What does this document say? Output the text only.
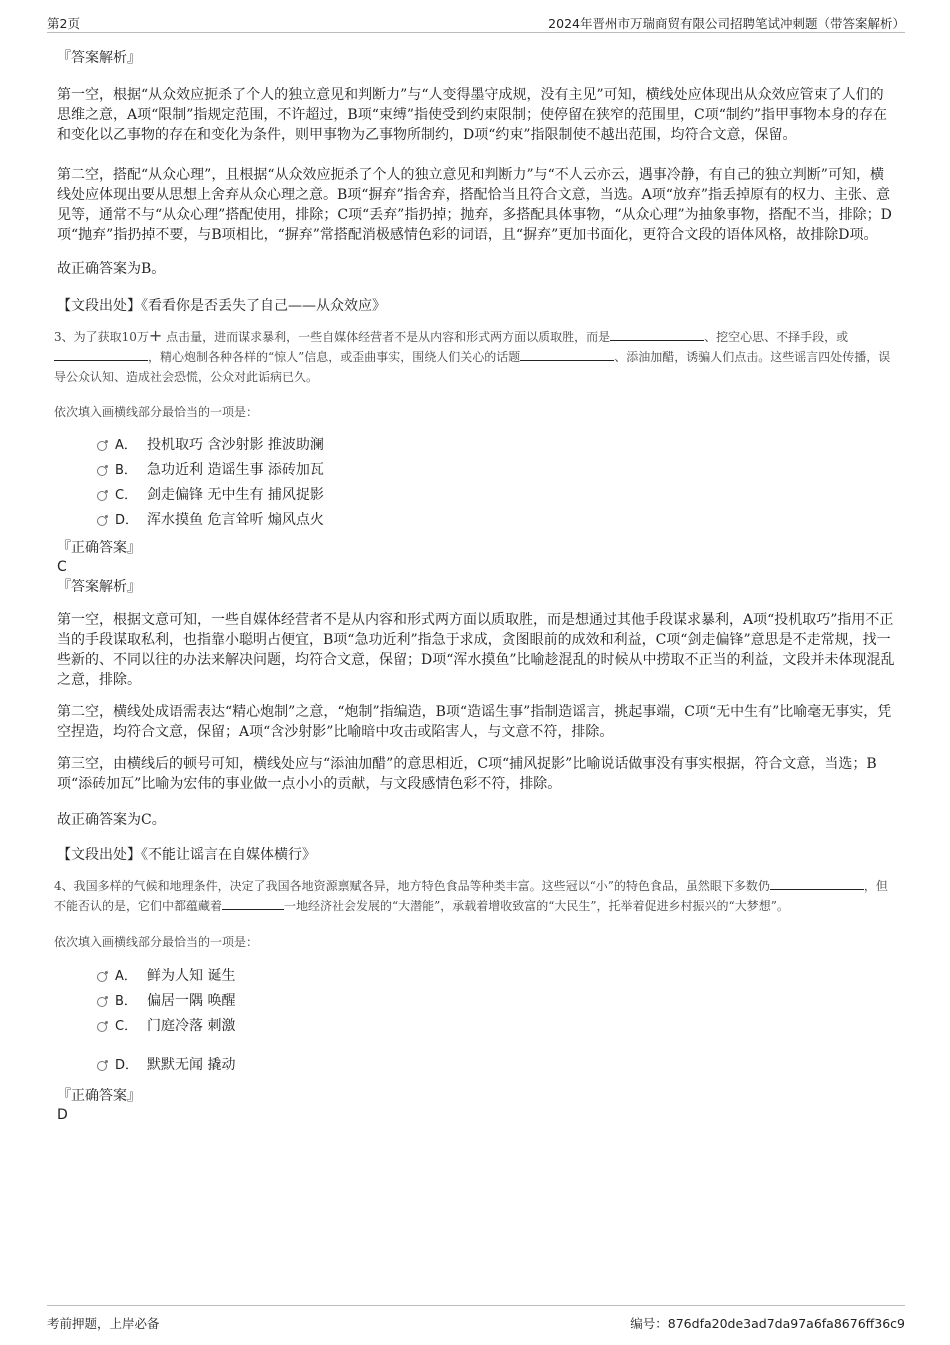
第2页	2024年晋州市万瑞商贸有限公司招聘笔试冲刺题（带答案解析）
『答案解析』

第一空，根据“从众效应扼杀了个人的独立意见和判断力”与“人变得墨守成规，没有主见”可知，横线处应体现出从众效应管束了人们的思维之意，A项“限制”指规定范围，不许超过，B项“束缚”指使受到约束限制；使停留在狭窄的范围里，C项“制约”指甲事物本身的存在和变化以乙事物的存在和变化为条件，则甲事物为乙事物所制约，D项“约束”指限制使不越出范围，均符合文意，保留。

第二空，搭配“从众心理”，且根据“从众效应扼杀了个人的独立意见和判断力”与“不人云亦云，遇事冷静，有自己的独立判断”可知，横线处应体现出要从思想上舍弃从众心理之意。B项“摒弃”指舍弃，搭配恰当且符合文意，当选。A项“放弃”指丢掉原有的权力、主张、意见等，通常不与“从众心理”搭配使用，排除；C项“丢弃”指扔掉；抛弃，多搭配具体事物，“从众心理”为抽象事物，搭配不当，排除；D项“抛弃”指扔掉不要，与B项相比，“摒弃”常搭配消极感情色彩的词语，且“摒弃”更加书面化，更符合文段的语体风格，故排除D项。

故正确答案为B。

【文段出处】《看看你是否丢失了自己——从众效应》
3、为了获取10万+ 点击量，进而谋求暴利，一些自媒体经营者不是从内容和形式两方面以质取胜，而是	、挖空心思、不择手段，或，精心炮制各种各样的“惊人”信息，或歪曲事实，围绕人们关心的话题	、添油加醋，诱骗人们点击。这些谣言四处传播，误导公众认知、造成社会恐慌，公众对此诟病已久。
依次填入画横线部分最恰当的一项是：
A． 投机取巧 含沙射影 推波助澜
B． 急功近利 造谣生事 添砖加瓦
C． 剑走偏锋 无中生有 捕风捉影
D． 浑水摸鱼 危言耸听 煽风点火
『正确答案』
C
『答案解析』

第一空，根据文意可知，一些自媒体经营者不是从内容和形式两方面以质取胜，而是想通过其他手段谋求暴利，A项“投机取巧”指用不正当的手段谋取私利，也指靠小聪明占便宜，B项“急功近利”指急于求成，贪图眼前的成效和利益，C项“剑走偏锋”意思是不走常规，找一些新的、不同以往的办法来解决问题，均符合文意，保留；D项“浑水摸鱼”比喻趁混乱的时候从中捞取不正当的利益，文段并未体现混乱之意，排除。

第二空，横线处成语需表达“精心炮制”之意，“炮制”指编造，B项“造谣生事”指制造谣言，挑起事端，C项“无中生有”比喻毫无事实，凭空捏造，均符合文意，保留；A项“含沙射影”比喻暗中攻击或陷害人，与文意不符，排除。

第三空，由横线后的顿号可知，横线处应与“添油加醋”的意思相近，C项“捕风捉影”比喻说话做事没有事实根据，符合文意，当选；B项“添砖加瓦”比喻为宏伟的事业做一点小小的贡献，与文段感情色彩不符，排除。

故正确答案为C。

【文段出处】《不能让谣言在自媒体横行》
4、我国多样的气候和地理条件，决定了我国各地资源禀赋各异，地方特色食品等种类丰富。这些冠以“小”的特色食品，虽然眼下多数仍	，但不能否认的是，它们中都蕴藏着	一地经济社会发展的“大潜能”，承载着增收致富的“大民生”，托举着促进乡村振兴的“大梦想”。
依次填入画横线部分最恰当的一项是：
A． 鲜为人知 诞生
B． 偏居一隅 唤醒
C． 门庭冷落 刺激
D． 默默无闻 撬动
『正确答案』
D
考前押题，上岸必备	编号：876dfa20de3ad7da97a6fa8676ff36c9
